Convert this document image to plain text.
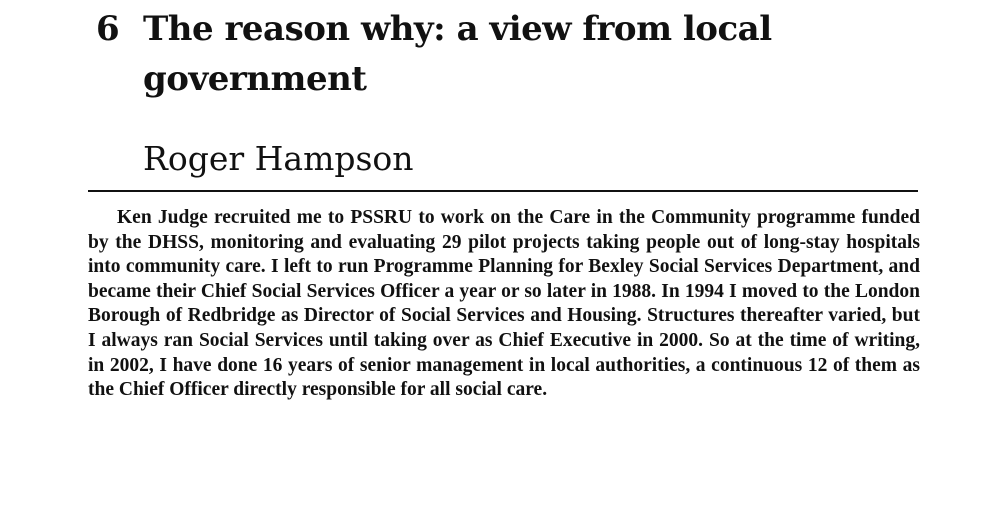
6 The reason why: a view from local government
Roger Hampson

Ken Judge recruited me to PSSRU to work on the Care in the Community programme funded by the DHSS, monitoring and evaluating 29 pilot projects taking people out of long-stay hospitals into community care. I left to run Programme Planning for Bexley Social Services Department, and became their Chief Social Services Officer a year or so later in 1988. In 1994 I moved to the London Borough of Redbridge as Director of Social Services and Housing. Structures thereafter varied, but I always ran Social Services until taking over as Chief Executive in 2000. So at the time of writing, in 2002, I have done 16 years of senior management in local authorities, a continuous 12 of them as the Chief Officer directly responsible for all social care.
